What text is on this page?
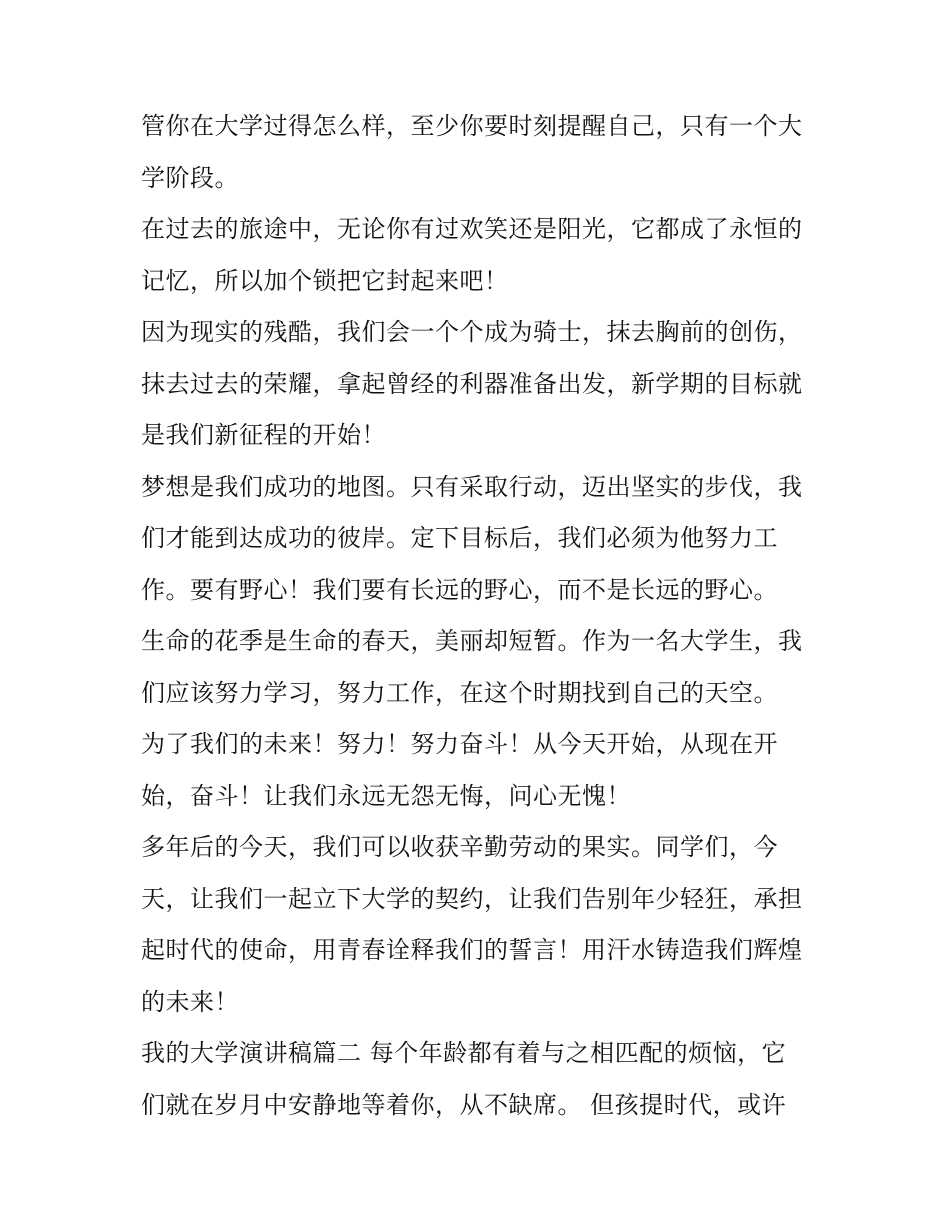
管你在大学过得怎么样，至少你要时刻提醒自己，只有一个大
学阶段。
在过去的旅途中，无论你有过欢笑还是阳光，它都成了永恒的
记忆，所以加个锁把它封起来吧！
因为现实的残酷，我们会一个个成为骑士，抹去胸前的创伤，
抹去过去的荣耀，拿起曾经的利器准备出发，新学期的目标就
是我们新征程的开始！
梦想是我们成功的地图。只有采取行动，迈出坚实的步伐，我
们才能到达成功的彼岸。定下目标后，我们必须为他努力工
作。要有野心！我们要有长远的野心，而不是长远的野心。
生命的花季是生命的春天，美丽却短暂。作为一名大学生，我
们应该努力学习，努力工作，在这个时期找到自己的天空。
为了我们的未来！努力！努力奋斗！从今天开始，从现在开
始，奋斗！让我们永远无怨无悔，问心无愧！
多年后的今天，我们可以收获辛勤劳动的果实。同学们，今
天，让我们一起立下大学的契约，让我们告别年少轻狂，承担
起时代的使命，用青春诠释我们的誓言！用汗水铸造我们辉煌
的未来！
我的大学演讲稿篇二 每个年龄都有着与之相匹配的烦恼，它
们就在岁月中安静地等着你，从不缺席。 但孩提时代，或许
